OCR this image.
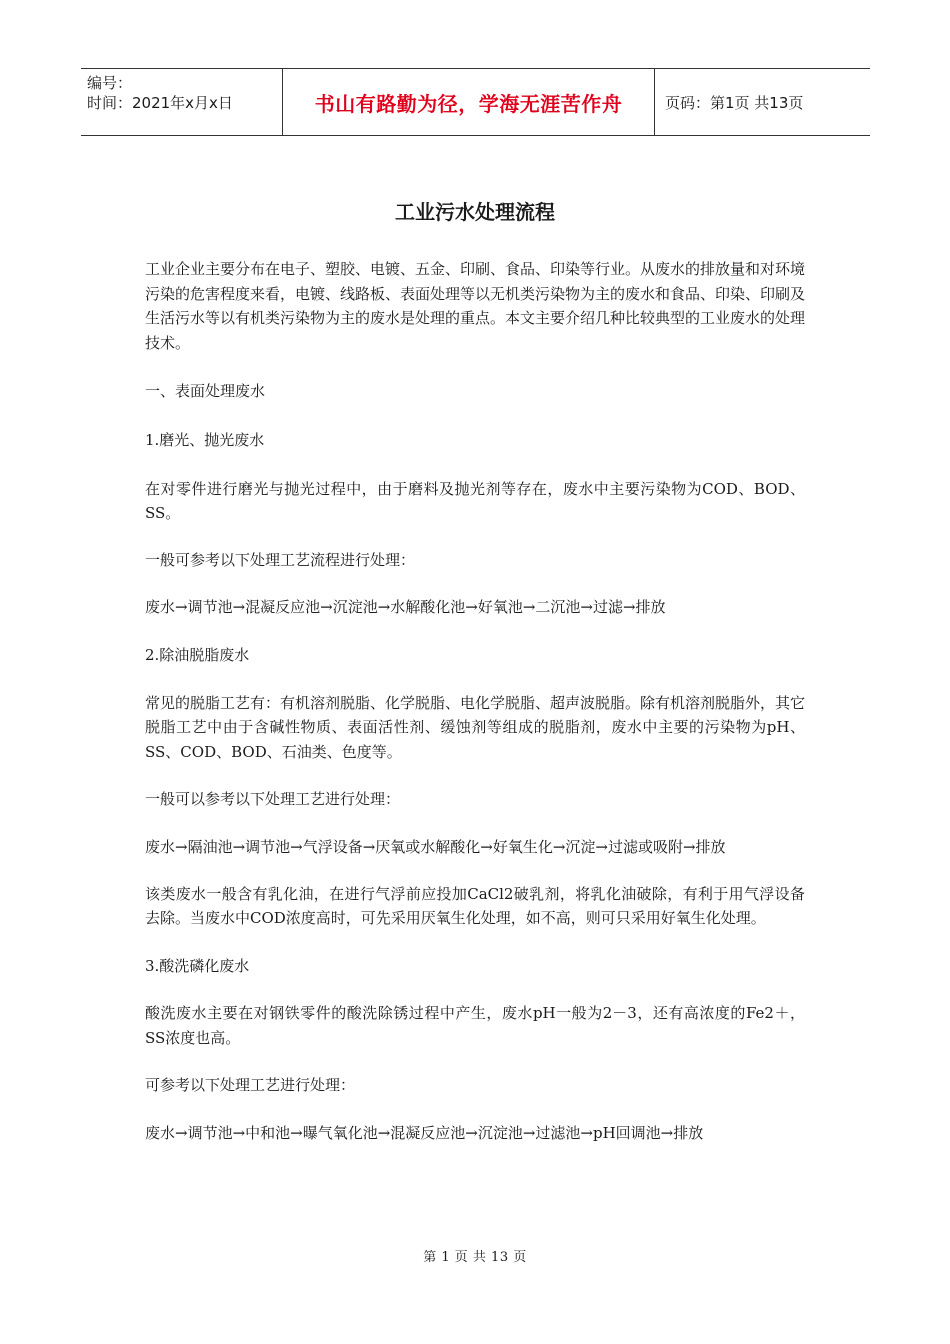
编号：
时间：2021年x月x日	书山有路勤为径，学海无涯苦作舟	页码：第1页 共13页
工业污水处理流程

工业企业主要分布在电子、塑胶、电镀、五金、印刷、食品、印染等行业。从废水的排放量和对环境污染的危害程度来看，电镀、线路板、表面处理等以无机类污染物为主的废水和食品、印染、印刷及生活污水等以有机类污染物为主的废水是处理的重点。本文主要介绍几种比较典型的工业废水的处理技术。

一、表面处理废水

1.磨光、抛光废水

在对零件进行磨光与抛光过程中，由于磨料及抛光剂等存在，废水中主要污染物为COD、BOD、SS。

一般可参考以下处理工艺流程进行处理：

废水→调节池→混凝反应池→沉淀池→水解酸化池→好氧池→二沉池→过滤→排放

2.除油脱脂废水

常见的脱脂工艺有：有机溶剂脱脂、化学脱脂、电化学脱脂、超声波脱脂。除有机溶剂脱脂外，其它脱脂工艺中由于含碱性物质、表面活性剂、缓蚀剂等组成的脱脂剂，废水中主要的污染物为pH、SS、COD、BOD、石油类、色度等。

一般可以参考以下处理工艺进行处理：

废水→隔油池→调节池→气浮设备→厌氧或水解酸化→好氧生化→沉淀→过滤或吸附→排放

该类废水一般含有乳化油，在进行气浮前应投加CaCl2破乳剂，将乳化油破除，有利于用气浮设备去除。当废水中COD浓度高时，可先采用厌氧生化处理，如不高，则可只采用好氧生化处理。

3.酸洗磷化废水

酸洗废水主要在对钢铁零件的酸洗除锈过程中产生，废水pH一般为2－3，还有高浓度的Fe2＋，SS浓度也高。

可参考以下处理工艺进行处理：

废水→调节池→中和池→曝气氧化池→混凝反应池→沉淀池→过滤池→pH回调池→排放

第 1 页 共 13 页
